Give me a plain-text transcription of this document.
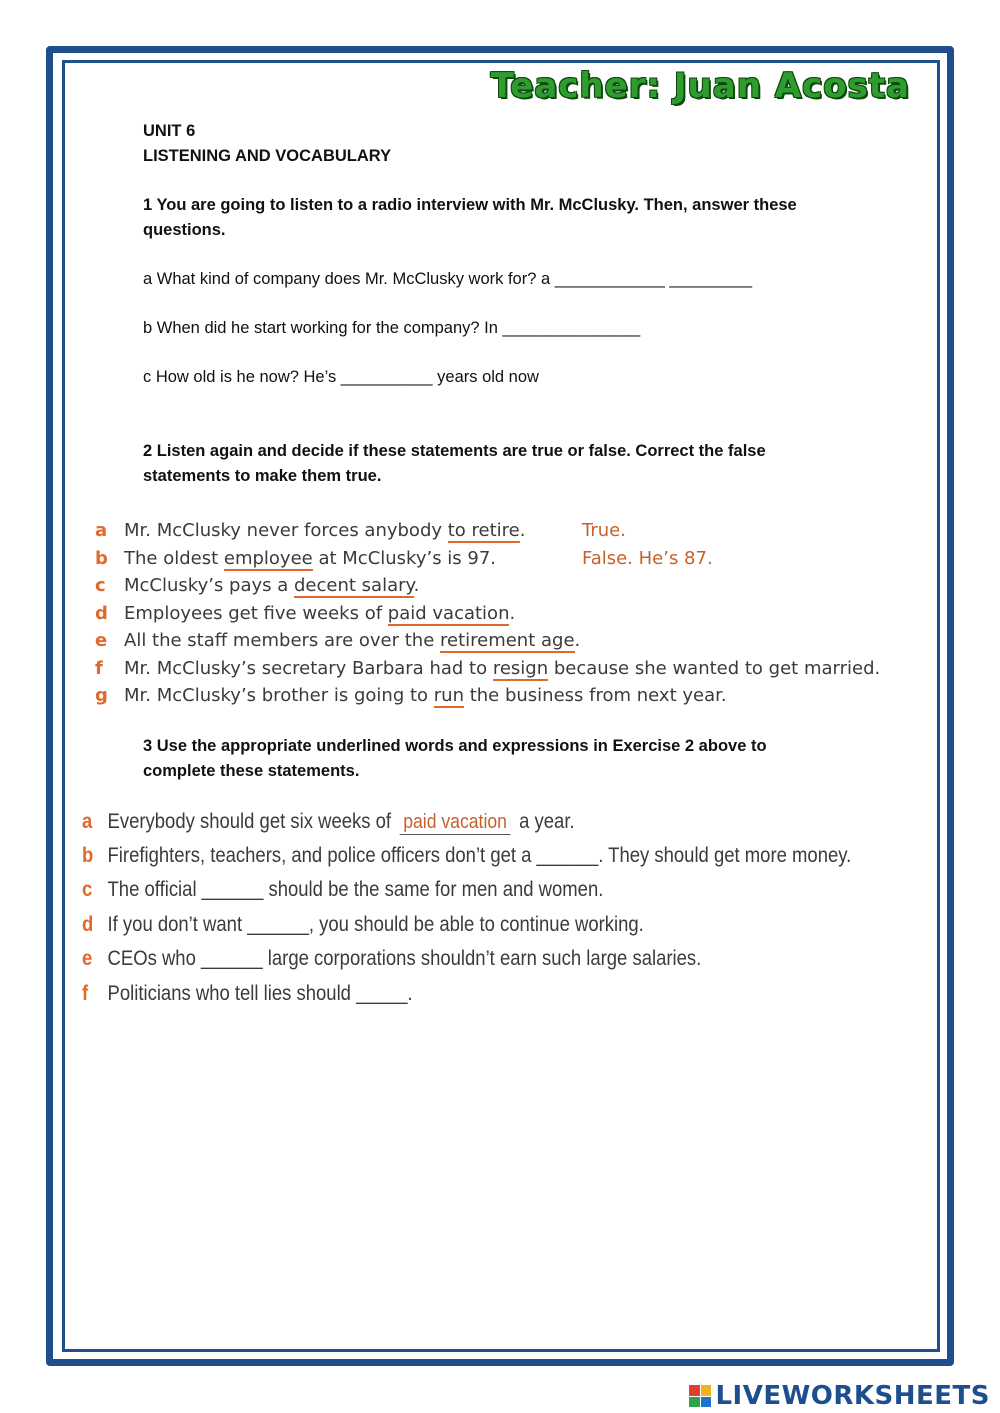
Teacher: Juan Acosta
UNIT 6
LISTENING AND VOCABULARY
1 You are going to listen to a radio interview with Mr. McClusky. Then, answer these
questions.
a What kind of company does Mr. McClusky work for? a ____________ _________
b When did he start working for the company? In _______________
c How old is he now? He’s __________ years old now
2 Listen again and decide if these statements are true or false. Correct the false
statements to make them true.
a Mr. McClusky never forces anybody to retire.	True.
b The oldest employee at McClusky’s is 97.	False. He’s 87.
c McClusky’s pays a decent salary.
d Employees get five weeks of paid vacation.
e All the staff members are over the retirement age.
f Mr. McClusky’s secretary Barbara had to resign because she wanted to get married.
g Mr. McClusky’s brother is going to run the business from next year.
3 Use the appropriate underlined words and expressions in Exercise 2 above to
complete these statements.
a Everybody should get six weeks of paid vacation a year.
b Firefighters, teachers, and police officers don’t get a ______. They should get more money.
c The official ______ should be the same for men and women.
d If you don’t want ______, you should be able to continue working.
e CEOs who ______ large corporations shouldn’t earn such large salaries.
f Politicians who tell lies should _____.
LIVEWORKSHEETS
